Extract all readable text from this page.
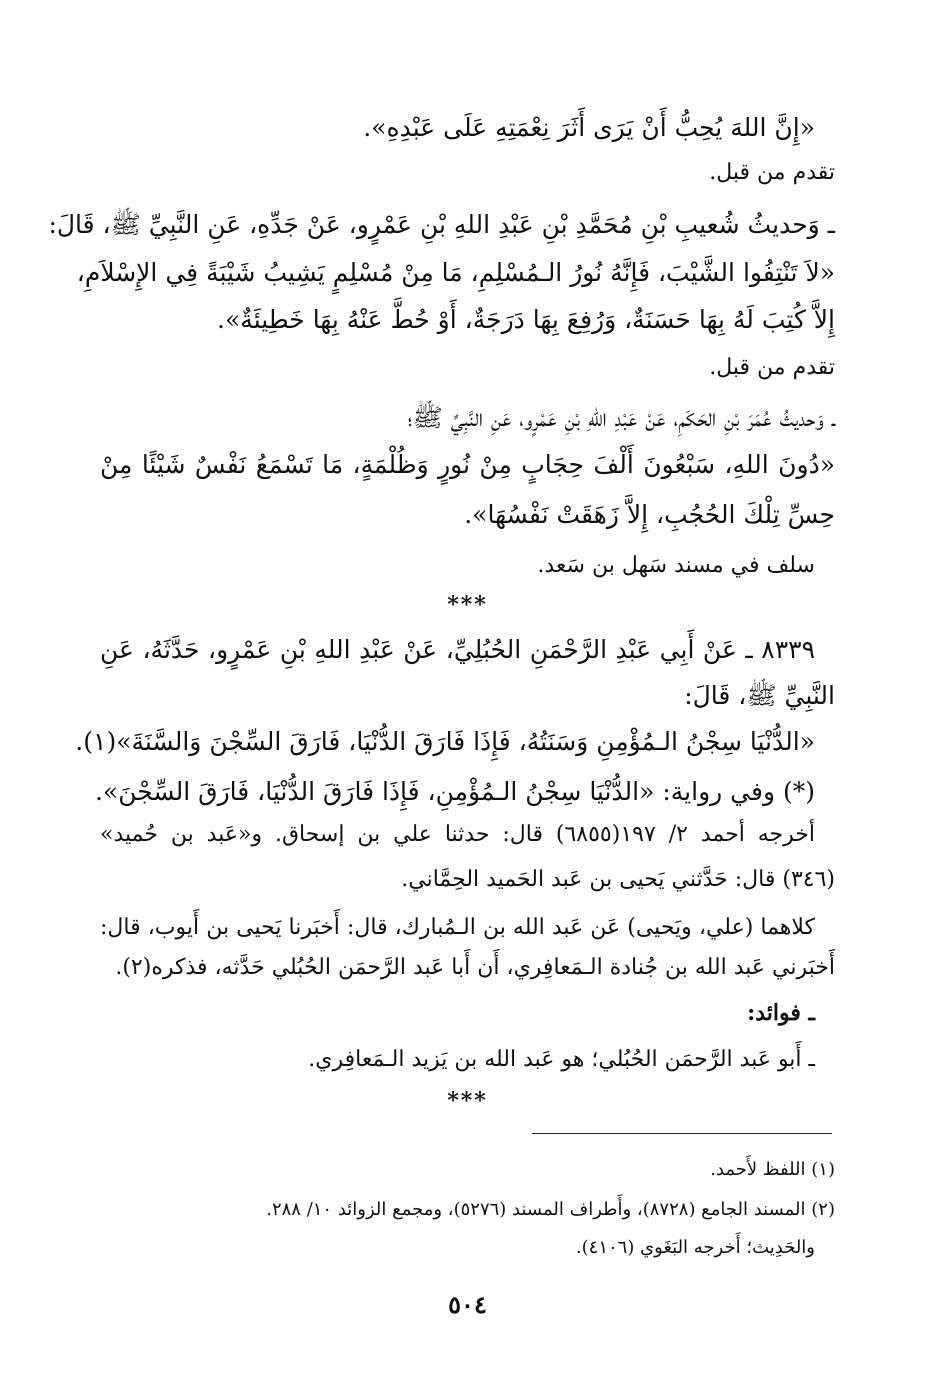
«إِنَّ اللهَ يُحِبُّ أَنْ يَرَى أَثَرَ نِعْمَتِهِ عَلَى عَبْدِهِ».

تقدم من قبل.

ـ وَحديثُ شُعيبِ بْنِ مُحَمَّدِ بْنِ عَبْدِ اللهِ بْنِ عَمْرٍو، عَنْ جَدِّهِ، عَنِ النَّبِيِّ ﷺ، قَالَ:

«لاَ تَنْتِفُوا الشَّيْبَ، فَإِنَّهُ نُورُ الـمُسْلِمِ، مَا مِنْ مُسْلِمٍ يَشِيبُ شَيْبَةً فِي الإِسْلاَمِ،

إِلاَّ كُتِبَ لَهُ بِهَا حَسَنَةٌ، وَرُفِعَ بِهَا دَرَجَةٌ، أَوْ حُطَّ عَنْهُ بِهَا خَطِيئَةٌ».

تقدم من قبل.

ـ وَحديثُ عُمَرَ بْنِ الحَكَمِ، عَنْ عَبْدِ اللهِ بْنِ عَمْرٍو، عَنِ النَّبِيِّ ﷺ؛

«دُونَ اللهِ، سَبْعُونَ أَلْفَ حِجَابٍ مِنْ نُورٍ وَظُلْمَةٍ، مَا تَسْمَعُ نَفْسٌ شَيْئًا مِنْ

حِسِّ تِلْكَ الحُجُبِ، إِلاَّ زَهَقَتْ نَفْسُهَا».

سلف في مسند سَهل بن سَعد.

٨٣٣٩ ـ عَنْ أَبِي عَبْدِ الرَّحْمَنِ الحُبُلِيِّ، عَنْ عَبْدِ اللهِ بْنِ عَمْرٍو، حَدَّثَهُ، عَنِ

النَّبِيِّ ﷺ، قَالَ:

«الدُّنْيَا سِجْنُ الـمُؤْمِنِ وَسَنَتُهُ، فَإِذَا فَارَقَ الدُّنْيَا، فَارَقَ السِّجْنَ وَالسَّنَةَ»(١).

(*) وفي رواية: «الدُّنْيَا سِجْنُ الـمُؤْمِنِ، فَإِذَا فَارَقَ الدُّنْيَا، فَارَقَ السِّجْنَ».

أخرجه أحمد ٢/ ١٩٧(٦٨٥٥) قال: حدثنا علي بن إسحاق. و«عَبد بن حُميد»

(٣٤٦) قال: حَدَّثني يَحيى بن عَبد الحَميد الحِمَّاني.

كلاهما (علي، ويَحيى) عَن عَبد الله بن الـمُبارك، قال: أَخبَرنا يَحيى بن أَيوب، قال:

أَخبَرني عَبد الله بن جُنادة الـمَعافِري، أَن أَبا عَبد الرَّحمَن الحُبُلي حَدَّثه، فذكره(٢).

ـ فوائد:

ـ أَبو عَبد الرَّحمَن الحُبُلي؛ هو عَبد الله بن يَزيد الـمَعافِري.

***
***

(١) اللفظ لأَحمد.

(٢) المسند الجامع (٨٧٢٨)، وأَطراف المسند (٥٢٧٦)، ومجمع الزوائد ١٠/ ٢٨٨.

والحَدِيث؛ أَخرجه البَغَوي (٤١٠٦).

٥٠٤
